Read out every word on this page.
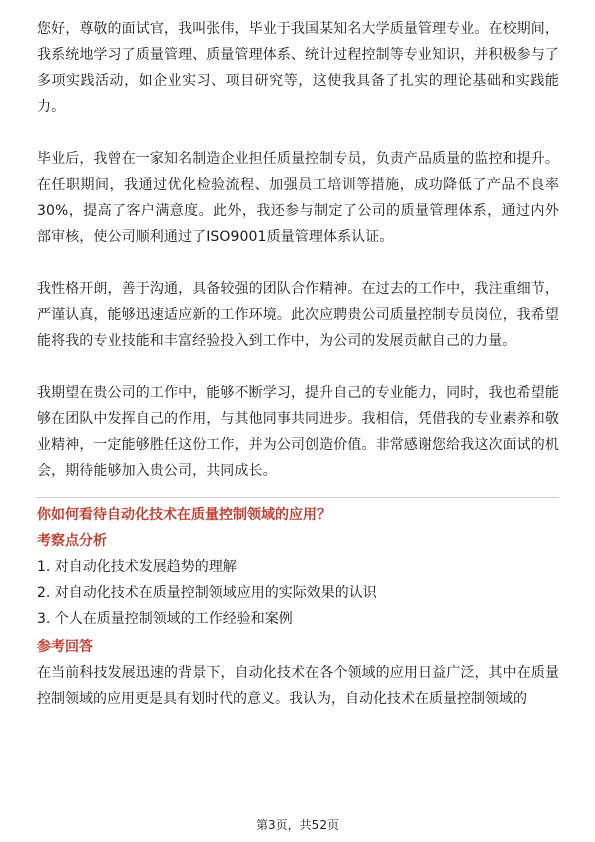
您好，尊敬的面试官，我叫张伟，毕业于我国某知名大学质量管理专业。在校期间，我系统地学习了质量管理、质量管理体系、统计过程控制等专业知识，并积极参与了多项实践活动，如企业实习、项目研究等，这使我具备了扎实的理论基础和实践能力。

毕业后，我曾在一家知名制造企业担任质量控制专员，负责产品质量的监控和提升。在任职期间，我通过优化检验流程、加强员工培训等措施，成功降低了产品不良率30%，提高了客户满意度。此外，我还参与制定了公司的质量管理体系，通过内外部审核，使公司顺利通过了ISO9001质量管理体系认证。

我性格开朗，善于沟通，具备较强的团队合作精神。在过去的工作中，我注重细节，严谨认真，能够迅速适应新的工作环境。此次应聘贵公司质量控制专员岗位，我希望能将我的专业技能和丰富经验投入到工作中，为公司的发展贡献自己的力量。

我期望在贵公司的工作中，能够不断学习，提升自己的专业能力，同时，我也希望能够在团队中发挥自己的作用，与其他同事共同进步。我相信，凭借我的专业素养和敬业精神，一定能够胜任这份工作，并为公司创造价值。非常感谢您给我这次面试的机会，期待能够加入贵公司，共同成长。

你如何看待自动化技术在质量控制领域的应用？

考察点分析

1. 对自动化技术发展趋势的理解
2. 对自动化技术在质量控制领域应用的实际效果的认识
3. 个人在质量控制领域的工作经验和案例

参考回答

在当前科技发展迅速的背景下，自动化技术在各个领域的应用日益广泛，其中在质量控制领域的应用更是具有划时代的意义。我认为，自动化技术在质量控制领域的

第3页，共52页
